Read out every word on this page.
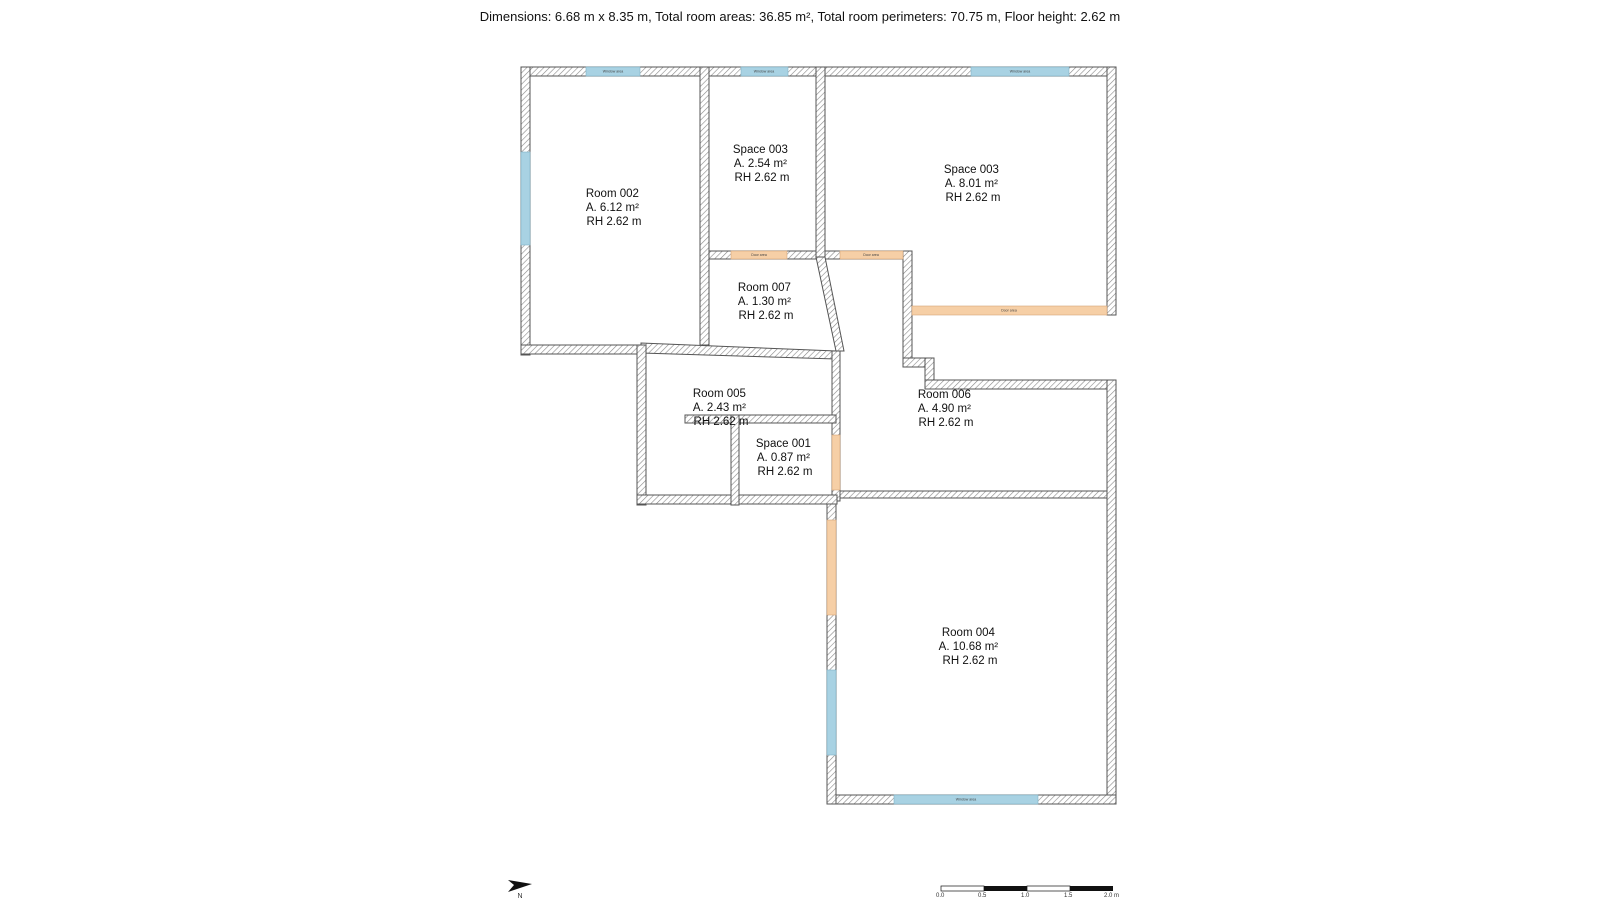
Dimensions: 6.68 m x 8.35 m, Total room areas: 36.85 m², Total room perimeters: 70.75 m, Floor height: 2.62 m
Room 002 A. 6.12 m² RH 2.62 m
Space 003 A. 2.54 m² RH 2.62 m
Space 003 A. 8.01 m² RH 2.62 m
Room 007 A. 1.30 m² RH 2.62 m
Room 005 A. 2.43 m² RH 2.62 m
Room 006 A. 4.90 m² RH 2.62 m
Space 001 A. 0.87 m² RH 2.62 m
Room 004 A. 10.68 m² RH 2.62 m
Window area	Window area	Window area
Window area
Door area	Door area
Door area
N	0.0	0.5	1.0	1.5	2.0 m
